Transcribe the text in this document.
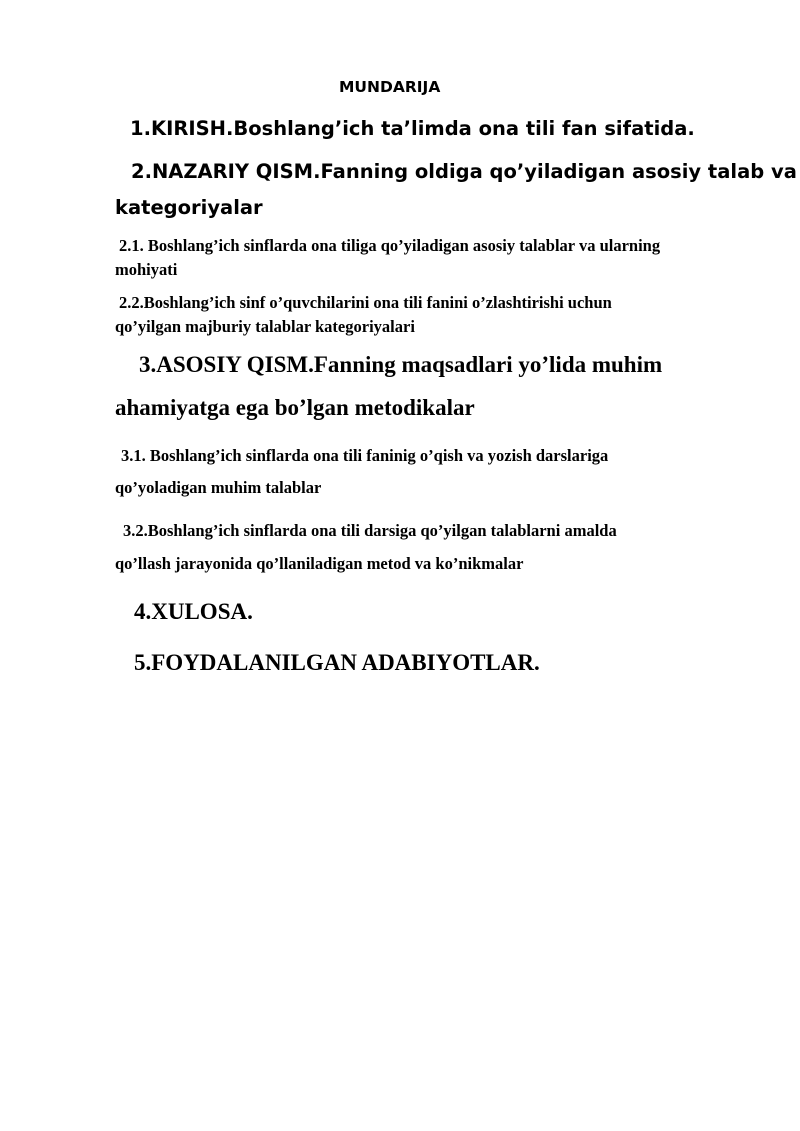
MUNDARIJA
1.KIRISH.Boshlang’ich ta’limda ona tili fan sifatida.
2.NAZARIY QISM.Fanning oldiga qo’yiladigan asosiy talab va
kategoriyalar
2.1. Boshlang’ich sinflarda ona tiliga qo’yiladigan asosiy talablar va ularning
mohiyati
2.2.Boshlang’ich sinf o’quvchilarini ona tili fanini o’zlashtirishi uchun
qo’yilgan majburiy talablar kategoriyalari
3.ASOSIY QISM.Fanning maqsadlari yo’lida muhim
ahamiyatga ega bo’lgan metodikalar
3.1. Boshlang’ich sinflarda ona tili faninig o’qish va yozish darslariga
qo’yoladigan muhim talablar
3.2.Boshlang’ich sinflarda ona tili darsiga qo’yilgan talablarni amalda
qo’llash jarayonida qo’llaniladigan metod va ko’nikmalar
4.XULOSA.
5.FOYDALANILGAN ADABIYOTLAR.
